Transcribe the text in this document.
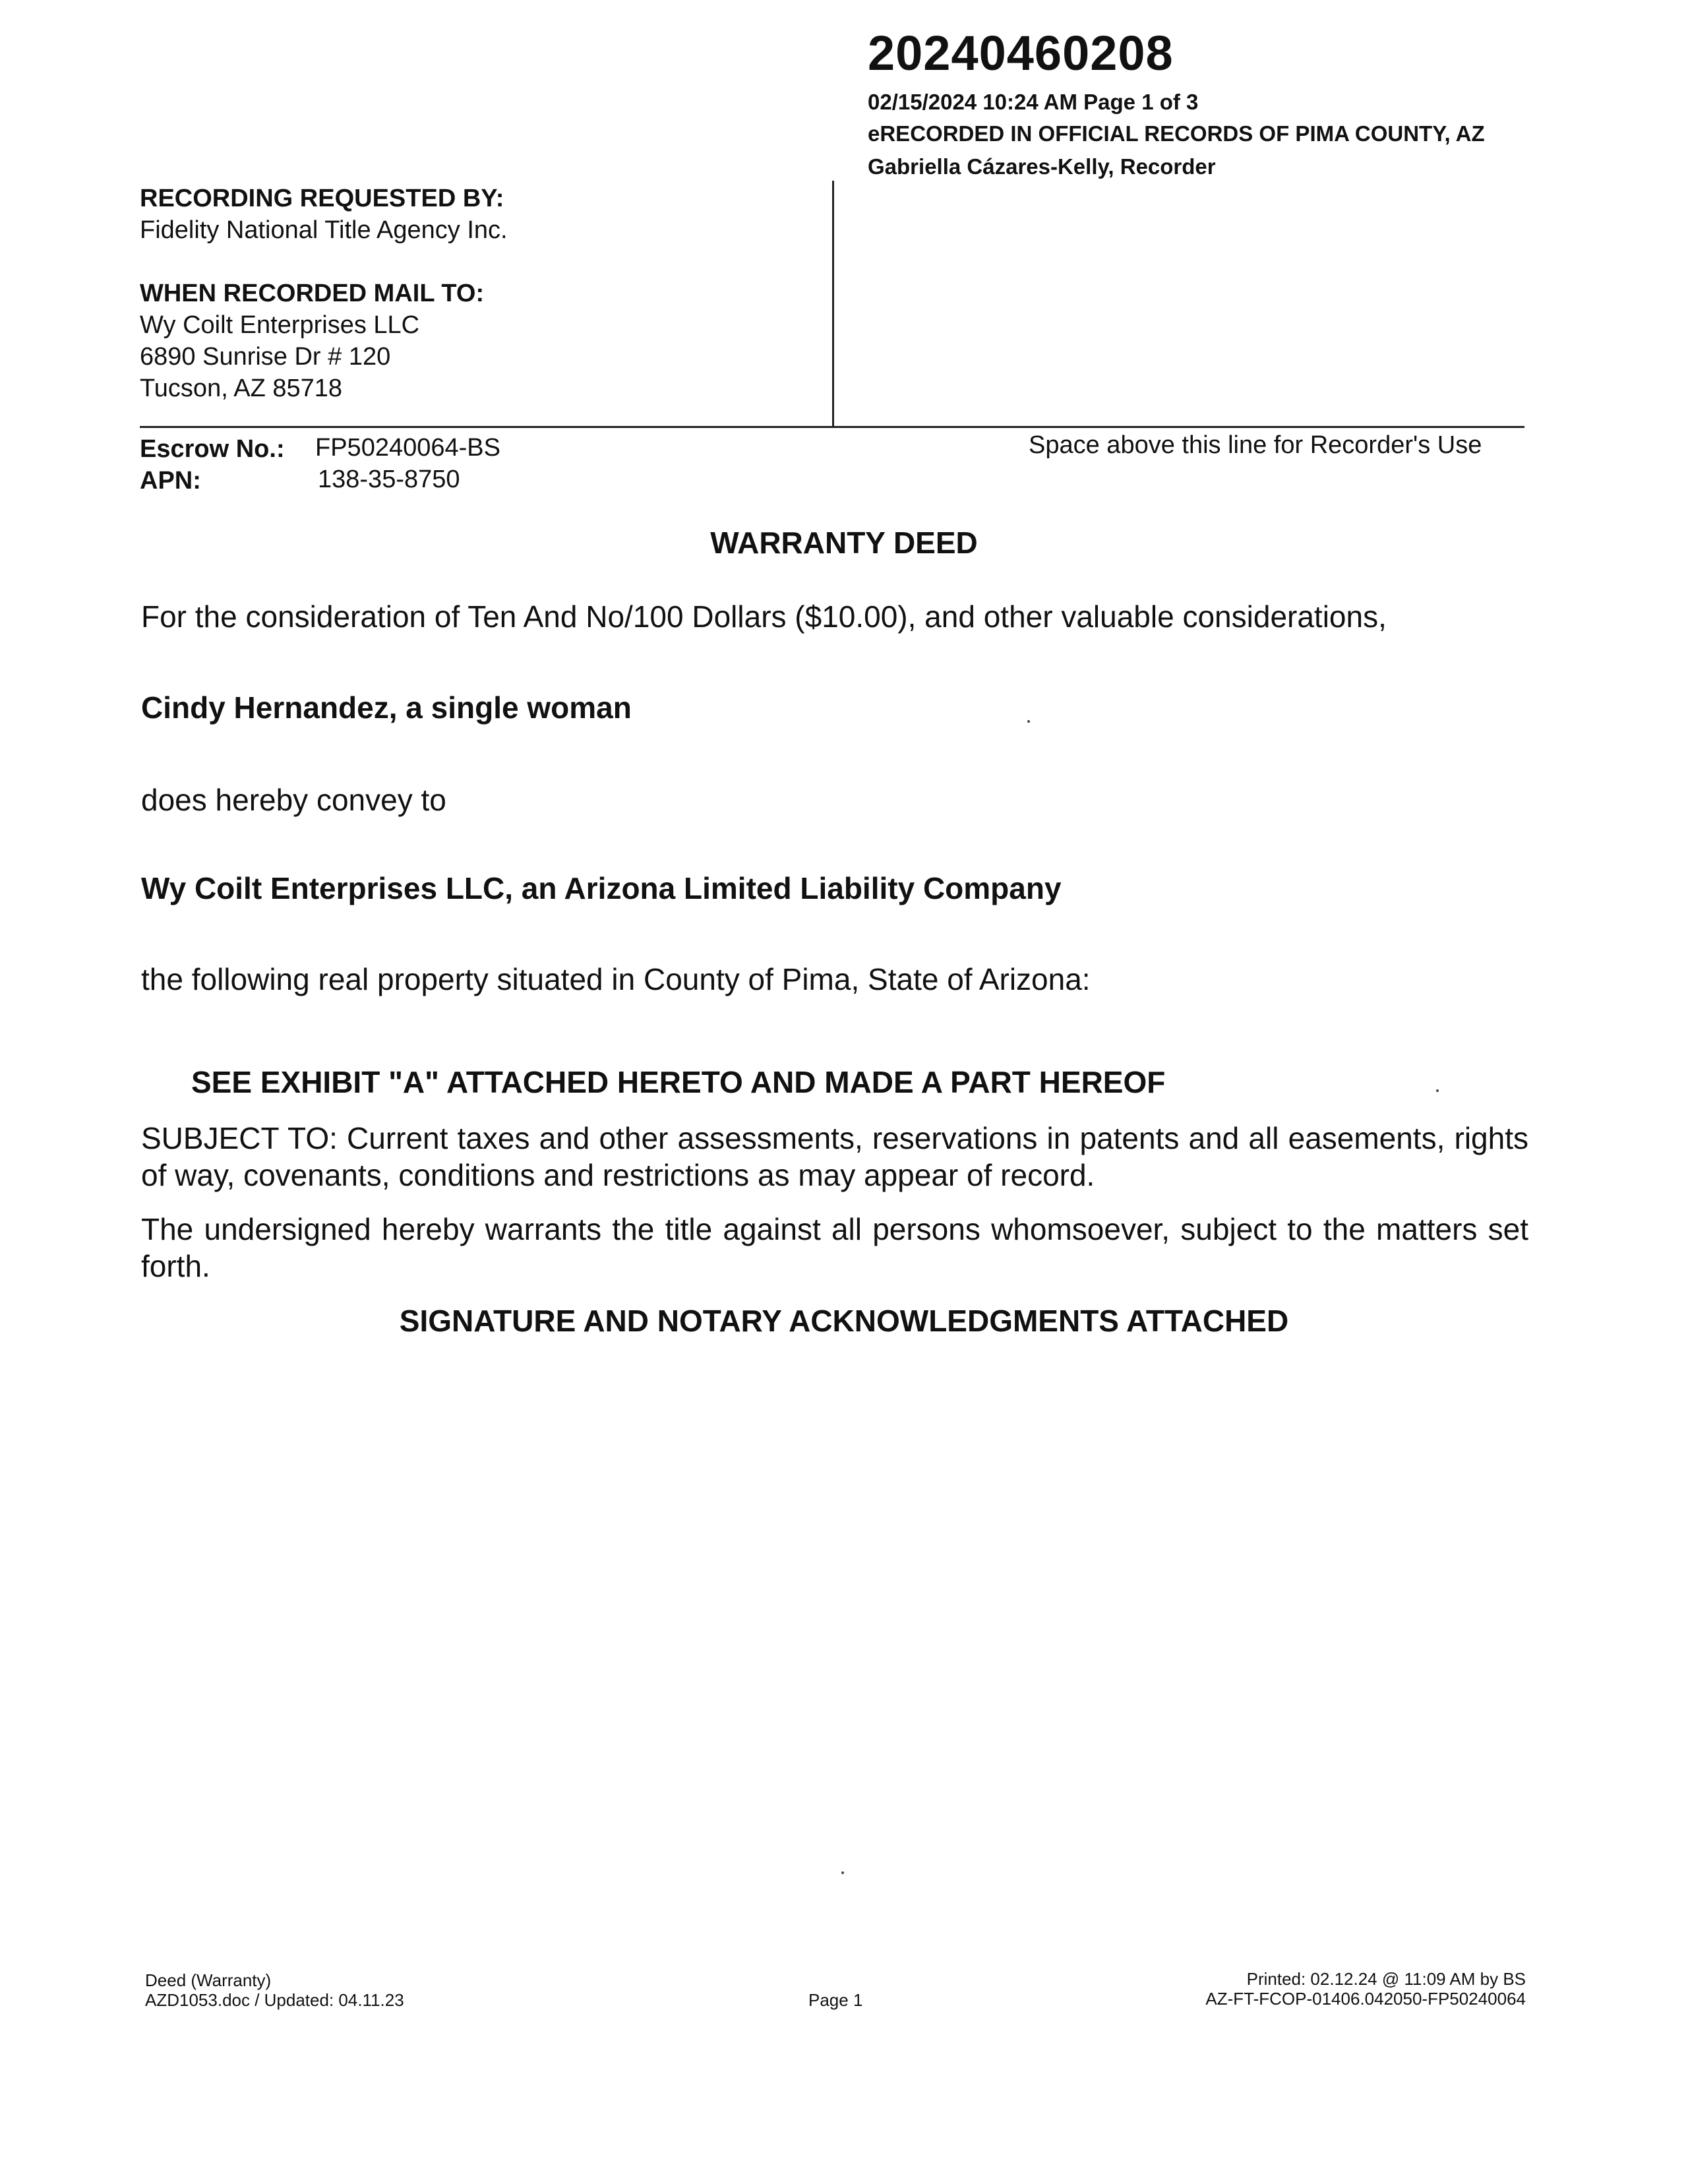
20240460208
02/15/2024 10:24 AM Page 1 of 3
eRECORDED IN OFFICIAL RECORDS OF PIMA COUNTY, AZ
Gabriella Cázares-Kelly, Recorder
RECORDING REQUESTED BY:
Fidelity National Title Agency Inc.
WHEN RECORDED MAIL TO:
Wy Coilt Enterprises LLC
6890 Sunrise Dr # 120
Tucson, AZ 85718
Escrow No.: FP50240064-BS
APN:	138-35-8750
Space above this line for Recorder's Use
WARRANTY DEED
For the consideration of Ten And No/100 Dollars ($10.00), and other valuable considerations,
Cindy Hernandez, a single woman
does hereby convey to
Wy Coilt Enterprises LLC, an Arizona Limited Liability Company
the following real property situated in County of Pima, State of Arizona:
SEE EXHIBIT "A" ATTACHED HERETO AND MADE A PART HEREOF
SUBJECT TO: Current taxes and other assessments, reservations in patents and all easements, rights of way, covenants, conditions and restrictions as may appear of record.
The undersigned hereby warrants the title against all persons whomsoever, subject to the matters set forth.
SIGNATURE AND NOTARY ACKNOWLEDGMENTS ATTACHED
Deed (Warranty)
AZD1053.doc / Updated: 04.11.23	Page 1
Printed: 02.12.24 @ 11:09 AM by BS
AZ-FT-FCOP-01406.042050-FP50240064
